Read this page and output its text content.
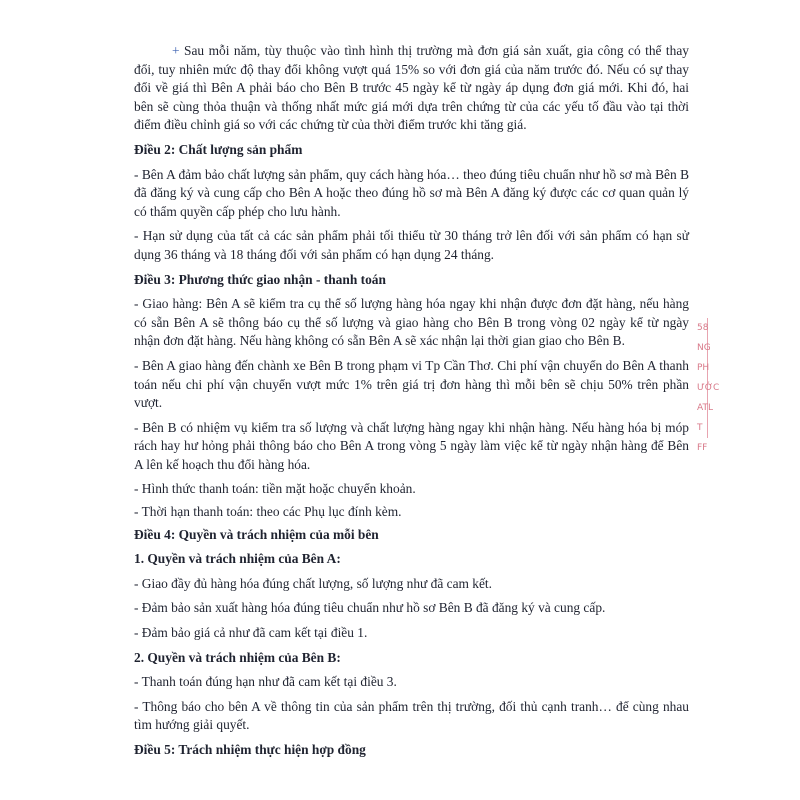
+ Sau mỗi năm, tùy thuộc vào tình hình thị trường mà đơn giá sản xuất, gia công có thể thay đổi, tuy nhiên mức độ thay đổi không vượt quá 15% so với đơn giá của năm trước đó. Nếu có sự thay đổi về giá thì Bên A phải báo cho Bên B trước 45 ngày kể từ ngày áp dụng đơn giá mới. Khi đó, hai bên sẽ cùng thỏa thuận và thống nhất mức giá mới dựa trên chứng từ của các yếu tố đầu vào tại thời điểm điều chỉnh giá so với các chứng từ của thời điểm trước khi tăng giá.

Điều 2: Chất lượng sản phẩm

- Bên A đảm bảo chất lượng sản phẩm, quy cách hàng hóa… theo đúng tiêu chuẩn như hồ sơ mà Bên B đã đăng ký và cung cấp cho Bên A hoặc theo đúng hồ sơ mà Bên A đăng ký được các cơ quan quản lý có thẩm quyền cấp phép cho lưu hành.

- Hạn sử dụng của tất cả các sản phẩm phải tối thiểu từ 30 tháng trở lên đối với sản phẩm có hạn sử dụng 36 tháng và 18 tháng đối với sản phẩm có hạn dụng 24 tháng.

Điều 3: Phương thức giao nhận - thanh toán

- Giao hàng: Bên A sẽ kiểm tra cụ thể số lượng hàng hóa ngay khi nhận được đơn đặt hàng, nếu hàng có sẵn Bên A sẽ thông báo cụ thể số lượng và giao hàng cho Bên B trong vòng 02 ngày kể từ ngày nhận đơn đặt hàng. Nếu hàng không có sẵn Bên A sẽ xác nhận lại thời gian giao cho Bên B.

- Bên A giao hàng đến chành xe Bên B trong phạm vi Tp Cần Thơ. Chi phí vận chuyển do Bên A thanh toán nếu chi phí vận chuyển vượt mức 1% trên giá trị đơn hàng thì mỗi bên sẽ chịu 50% trên phần vượt.

- Bên B có nhiệm vụ kiểm tra số lượng và chất lượng hàng ngay khi nhận hàng. Nếu hàng hóa bị móp rách hay hư hỏng phải thông báo cho Bên A trong vòng 5 ngày làm việc kể từ ngày nhận hàng để Bên A lên kế hoạch thu đổi hàng hóa.

- Hình thức thanh toán: tiền mặt hoặc chuyển khoản.

- Thời hạn thanh toán: theo các Phụ lục đính kèm.

Điều 4: Quyền và trách nhiệm của mỗi bên
1. Quyền và trách nhiệm của Bên A:

- Giao đầy đủ hàng hóa đúng chất lượng, số lượng như đã cam kết.

- Đảm bảo sản xuất hàng hóa đúng tiêu chuẩn như hồ sơ Bên B đã đăng ký và cung cấp.

- Đảm bảo giá cả như đã cam kết tại điều 1.

2. Quyền và trách nhiệm của Bên B:

- Thanh toán đúng hạn như đã cam kết tại điều 3.

- Thông báo cho bên A về thông tin của sản phẩm trên thị trường, đối thủ cạnh tranh… để cùng nhau tìm hướng giải quyết.

Điều 5: Trách nhiệm thực hiện hợp đồng
58
NG
PH
ƯỚC
ATL
T
FF
